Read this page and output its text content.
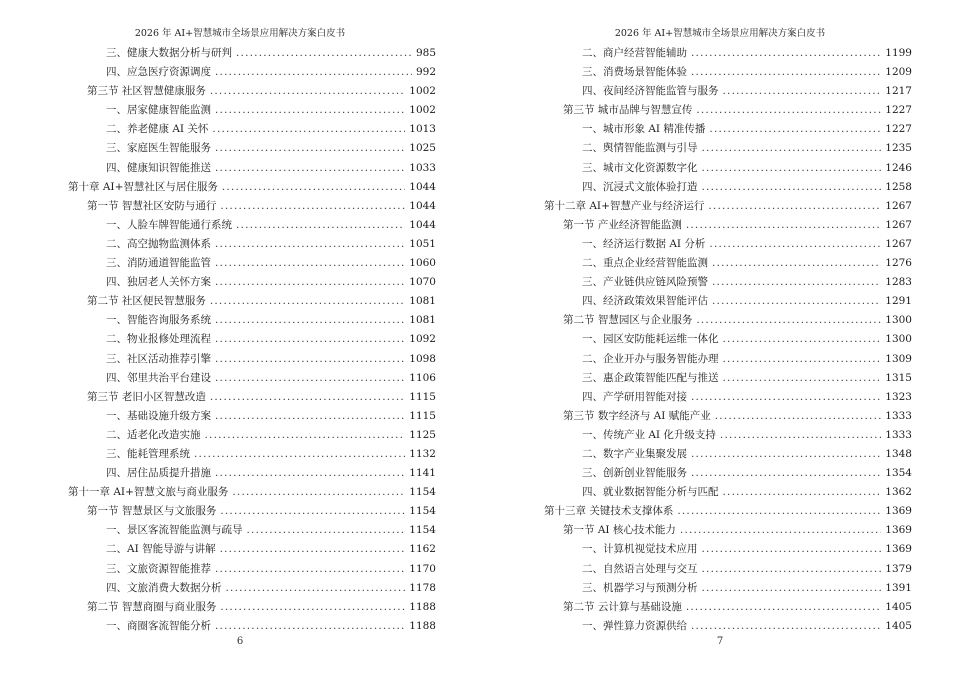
2026 年 AI+智慧城市全场景应用解决方案白皮书
三、健康大数据分析与研判 .....	985
四、应急医疗资源调度 .....	992
第三节 社区智慧健康服务 .....	1002
一、居家健康智能监测 .....	1002
二、养老健康 AI 关怀 .....	1013
三、家庭医生智能服务 .....	1025
四、健康知识智能推送 .....	1033
第十章 AI+智慧社区与居住服务 .....	1044
第一节 智慧社区安防与通行 .....	1044
一、人脸车牌智能通行系统 .....	1044
二、高空抛物监测体系 .....	1051
三、消防通道智能监管 .....	1060
四、独居老人关怀方案 .....	1070
第二节 社区便民智慧服务 .....	1081
一、智能咨询服务系统 .....	1081
二、物业报修处理流程 .....	1092
三、社区活动推荐引擎 .....	1098
四、邻里共治平台建设 .....	1106
第三节 老旧小区智慧改造 .....	1115
一、基础设施升级方案 .....	1115
二、适老化改造实施 .....	1125
三、能耗管理系统 .....	1132
四、居住品质提升措施 .....	1141
第十一章 AI+智慧文旅与商业服务 .....	1154
第一节 智慧景区与文旅服务 .....	1154
一、景区客流智能监测与疏导 .....	1154
二、AI 智能导游与讲解 .....	1162
三、文旅资源智能推荐 .....	1170
四、文旅消费大数据分析 .....	1178
第二节 智慧商圈与商业服务 .....	1188
一、商圈客流智能分析 .....	1188
6
2026 年 AI+智慧城市全场景应用解决方案白皮书
二、商户经营智能辅助 .....	1199
三、消费场景智能体验 .....	1209
四、夜间经济智能监管与服务 .....	1217
第三节 城市品牌与智慧宣传 .....	1227
一、城市形象 AI 精准传播 .....	1227
二、舆情智能监测与引导 .....	1235
三、城市文化资源数字化 .....	1246
四、沉浸式文旅体验打造 .....	1258
第十二章 AI+智慧产业与经济运行 .....	1267
第一节 产业经济智能监测 .....	1267
一、经济运行数据 AI 分析 .....	1267
二、重点企业经营智能监测 .....	1276
三、产业链供应链风险预警 .....	1283
四、经济政策效果智能评估 .....	1291
第二节 智慧园区与企业服务 .....	1300
一、园区安防能耗运维一体化 .....	1300
二、企业开办与服务智能办理 .....	1309
三、惠企政策智能匹配与推送 .....	1315
四、产学研用智能对接 .....	1323
第三节 数字经济与 AI 赋能产业 .....	1333
一、传统产业 AI 化升级支持 .....	1333
二、数字产业集聚发展 .....	1348
三、创新创业智能服务 .....	1354
四、就业数据智能分析与匹配 .....	1362
第十三章 关键技术支撑体系 .....	1369
第一节 AI 核心技术能力 .....	1369
一、计算机视觉技术应用 .....	1369
二、自然语言处理与交互 .....	1379
三、机器学习与预测分析 .....	1391
第二节 云计算与基础设施 .....	1405
一、弹性算力资源供给 .....	1405
7
